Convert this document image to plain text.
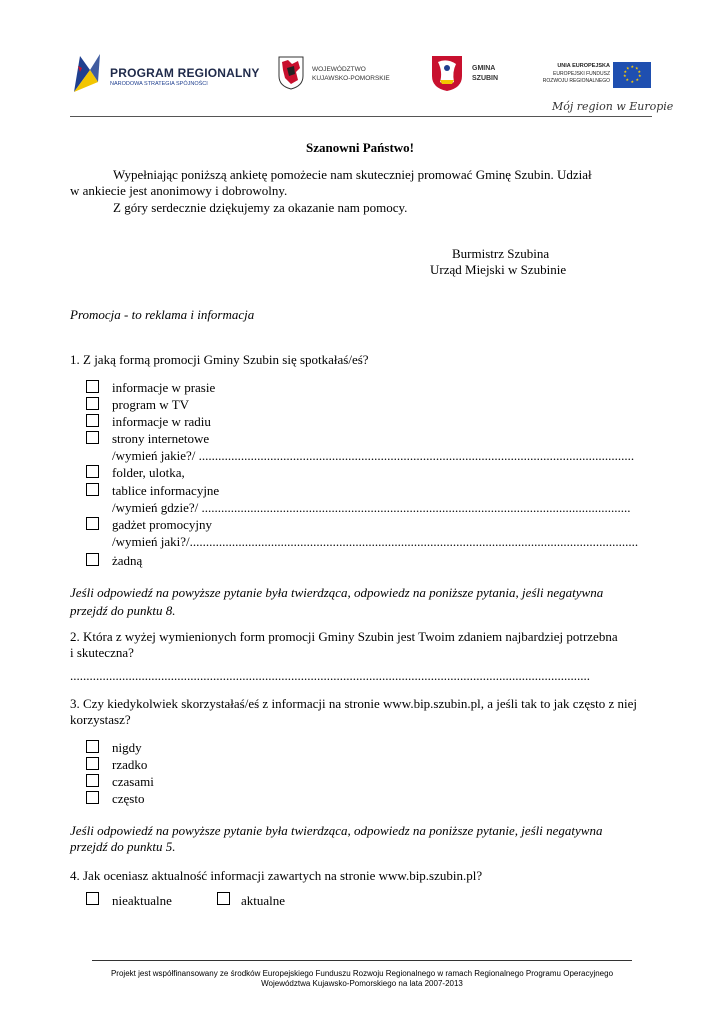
PROGRAM REGIONALNY
NARODOWA STRATEGIA SPÓJNOŚCI
WOJEWÓDZTWO
KUJAWSKO-POMORSKIE
GMINA
SZUBIN
UNIA EUROPEJSKA
EUROPEJSKI FUNDUSZ
ROZWOJU REGIONALNEGO
★ ★
★
★
★
★
★
★
★
★
Mój region w Europie
Szanowni Państwo!
Wypełniając poniższą ankietę pomożecie nam skuteczniej promować Gminę Szubin. Udział
w ankiecie jest anonimowy i dobrowolny.
Z góry serdecznie dziękujemy za okazanie nam pomocy.
Burmistrz Szubina
Urząd Miejski w Szubinie
Promocja - to reklama i informacja
1. Z jaką formą promocji Gminy Szubin się spotkałaś/eś?
informacje w prasie
program w TV
informacje w radiu
strony internetowe
/wymień jakie?/ ......................................................................................................................................
folder, ulotka,
tablice informacyjne
/wymień gdzie?/ ....................................................................................................................................
gadżet promocyjny
/wymień jaki?/..........................................................................................................................................
żadną
Jeśli odpowiedź na powyższe pytanie była twierdząca, odpowiedz na poniższe pytania, jeśli negatywna
przejdź do punktu 8.
2. Która z wyżej wymienionych form promocji Gminy Szubin jest Twoim zdaniem najbardziej potrzebna
i skuteczna?
................................................................................................................................................................
3. Czy kiedykolwiek skorzystałaś/eś z informacji na stronie www.bip.szubin.pl, a jeśli tak to jak często z niej
korzystasz?
nigdy
rzadko
czasami
często
Jeśli odpowiedź na powyższe pytanie była twierdząca, odpowiedz na poniższe pytanie, jeśli negatywna
przejdź do punktu 5.
4. Jak oceniasz aktualność informacji zawartych na stronie www.bip.szubin.pl?
nieaktualne	aktualne
Projekt jest współfinansowany ze środków Europejskiego Funduszu Rozwoju Regionalnego w ramach Regionalnego Programu Operacyjnego
Województwa Kujawsko-Pomorskiego na lata 2007-2013
